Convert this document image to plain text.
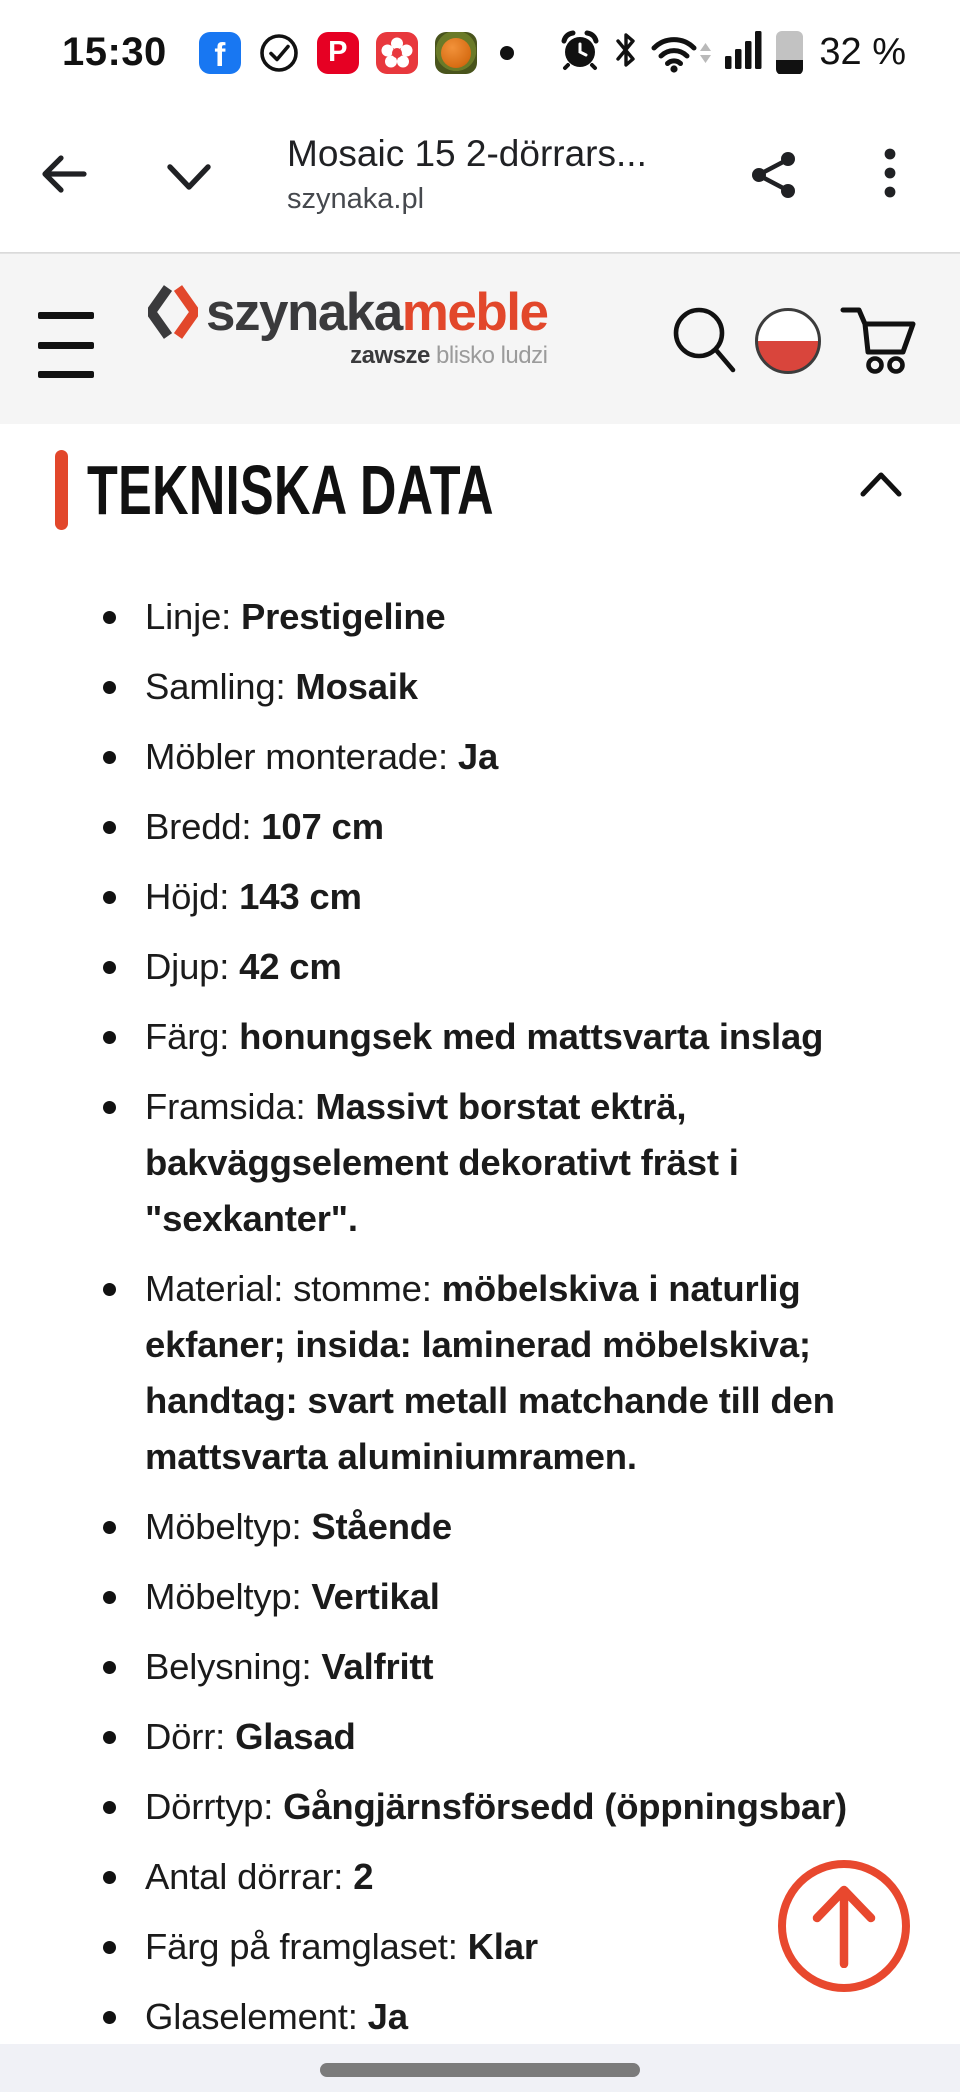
15:30 f	P	32 %
Mosaic 15 2-dörrars...
szynaka.pl
szynakameble
zawsze blisko ludzi
TEKNISKA DATA
Linje: Prestigeline
Samling: Mosaik
Möbler monterade: Ja
Bredd: 107 cm
Höjd: 143 cm
Djup: 42 cm
Färg: honungsek med mattsvarta inslag
Framsida: Massivt borstat ekträ, bakväggselement dekorativt fräst i "sexkanter".
Material: stomme: möbelskiva i naturlig ekfaner; insida: laminerad möbelskiva; handtag: svart metall matchande till den mattsvarta aluminiumramen.
Möbeltyp: Stående
Möbeltyp: Vertikal
Belysning: Valfritt
Dörr: Glasad
Dörrtyp: Gångjärnsförsedd (öppningsbar)
Antal dörrar: 2
Färg på framglaset: Klar
Glaselement: Ja
